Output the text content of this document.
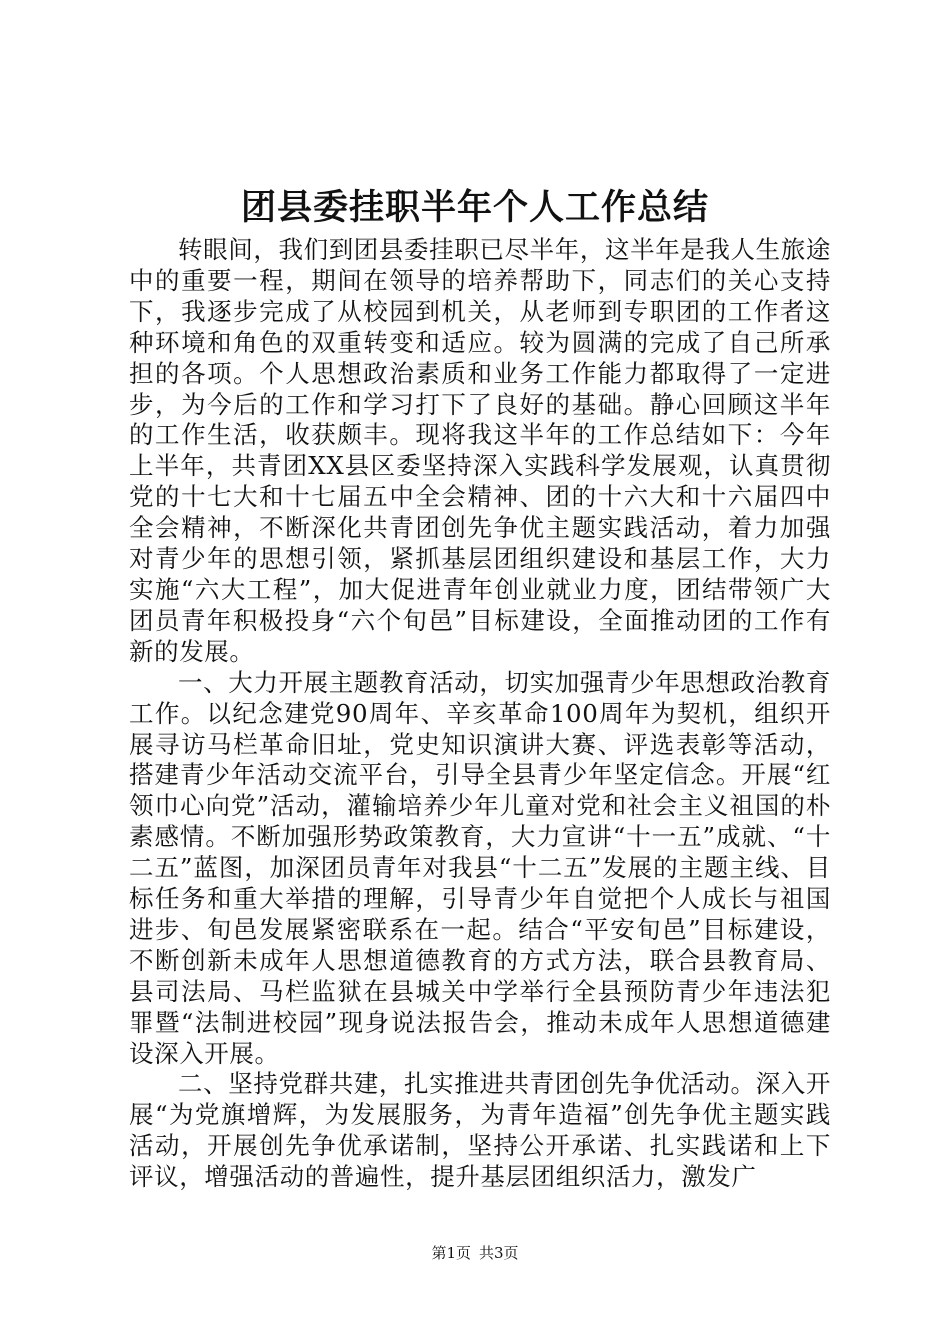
团县委挂职半年个人工作总结

转眼间，我们到团县委挂职已尽半年，这半年是我人生旅途中的重要一程，期间在领导的培养帮助下，同志们的关心支持下，我逐步完成了从校园到机关，从老师到专职团的工作者这种环境和角色的双重转变和适应。较为圆满的完成了自己所承担的各项。个人思想政治素质和业务工作能力都取得了一定进步，为今后的工作和学习打下了良好的基础。静心回顾这半年的工作生活，收获颇丰。现将我这半年的工作总结如下：今年上半年，共青团XX县区委坚持深入实践科学发展观，认真贯彻党的十七大和十七届五中全会精神、团的十六大和十六届四中全会精神，不断深化共青团创先争优主题实践活动，着力加强对青少年的思想引领，紧抓基层团组织建设和基层工作，大力实施“六大工程”，加大促进青年创业就业力度，团结带领广大团员青年积极投身“六个旬邑”目标建设，全面推动团的工作有新的发展。

一、大力开展主题教育活动，切实加强青少年思想政治教育工作。以纪念建党90周年、辛亥革命100周年为契机，组织开展寻访马栏革命旧址，党史知识演讲大赛、评选表彰等活动，搭建青少年活动交流平台，引导全县青少年坚定信念。开展“红领巾心向党”活动，灌输培养少年儿童对党和社会主义祖国的朴素感情。不断加强形势政策教育，大力宣讲“十一五”成就、“十二五”蓝图，加深团员青年对我县“十二五”发展的主题主线、目标任务和重大举措的理解，引导青少年自觉把个人成长与祖国进步、旬邑发展紧密联系在一起。结合“平安旬邑”目标建设，不断创新未成年人思想道德教育的方式方法，联合县教育局、县司法局、马栏监狱在县城关中学举行全县预防青少年违法犯罪暨“法制进校园”现身说法报告会，推动未成年人思想道德建设深入开展。

二、坚持党群共建，扎实推进共青团创先争优活动。深入开展“为党旗增辉，为发展服务，为青年造福”创先争优主题实践活动，开展创先争优承诺制，坚持公开承诺、扎实践诺和上下评议，增强活动的普遍性，提升基层团组织活力，激发广

第1页 共3页
